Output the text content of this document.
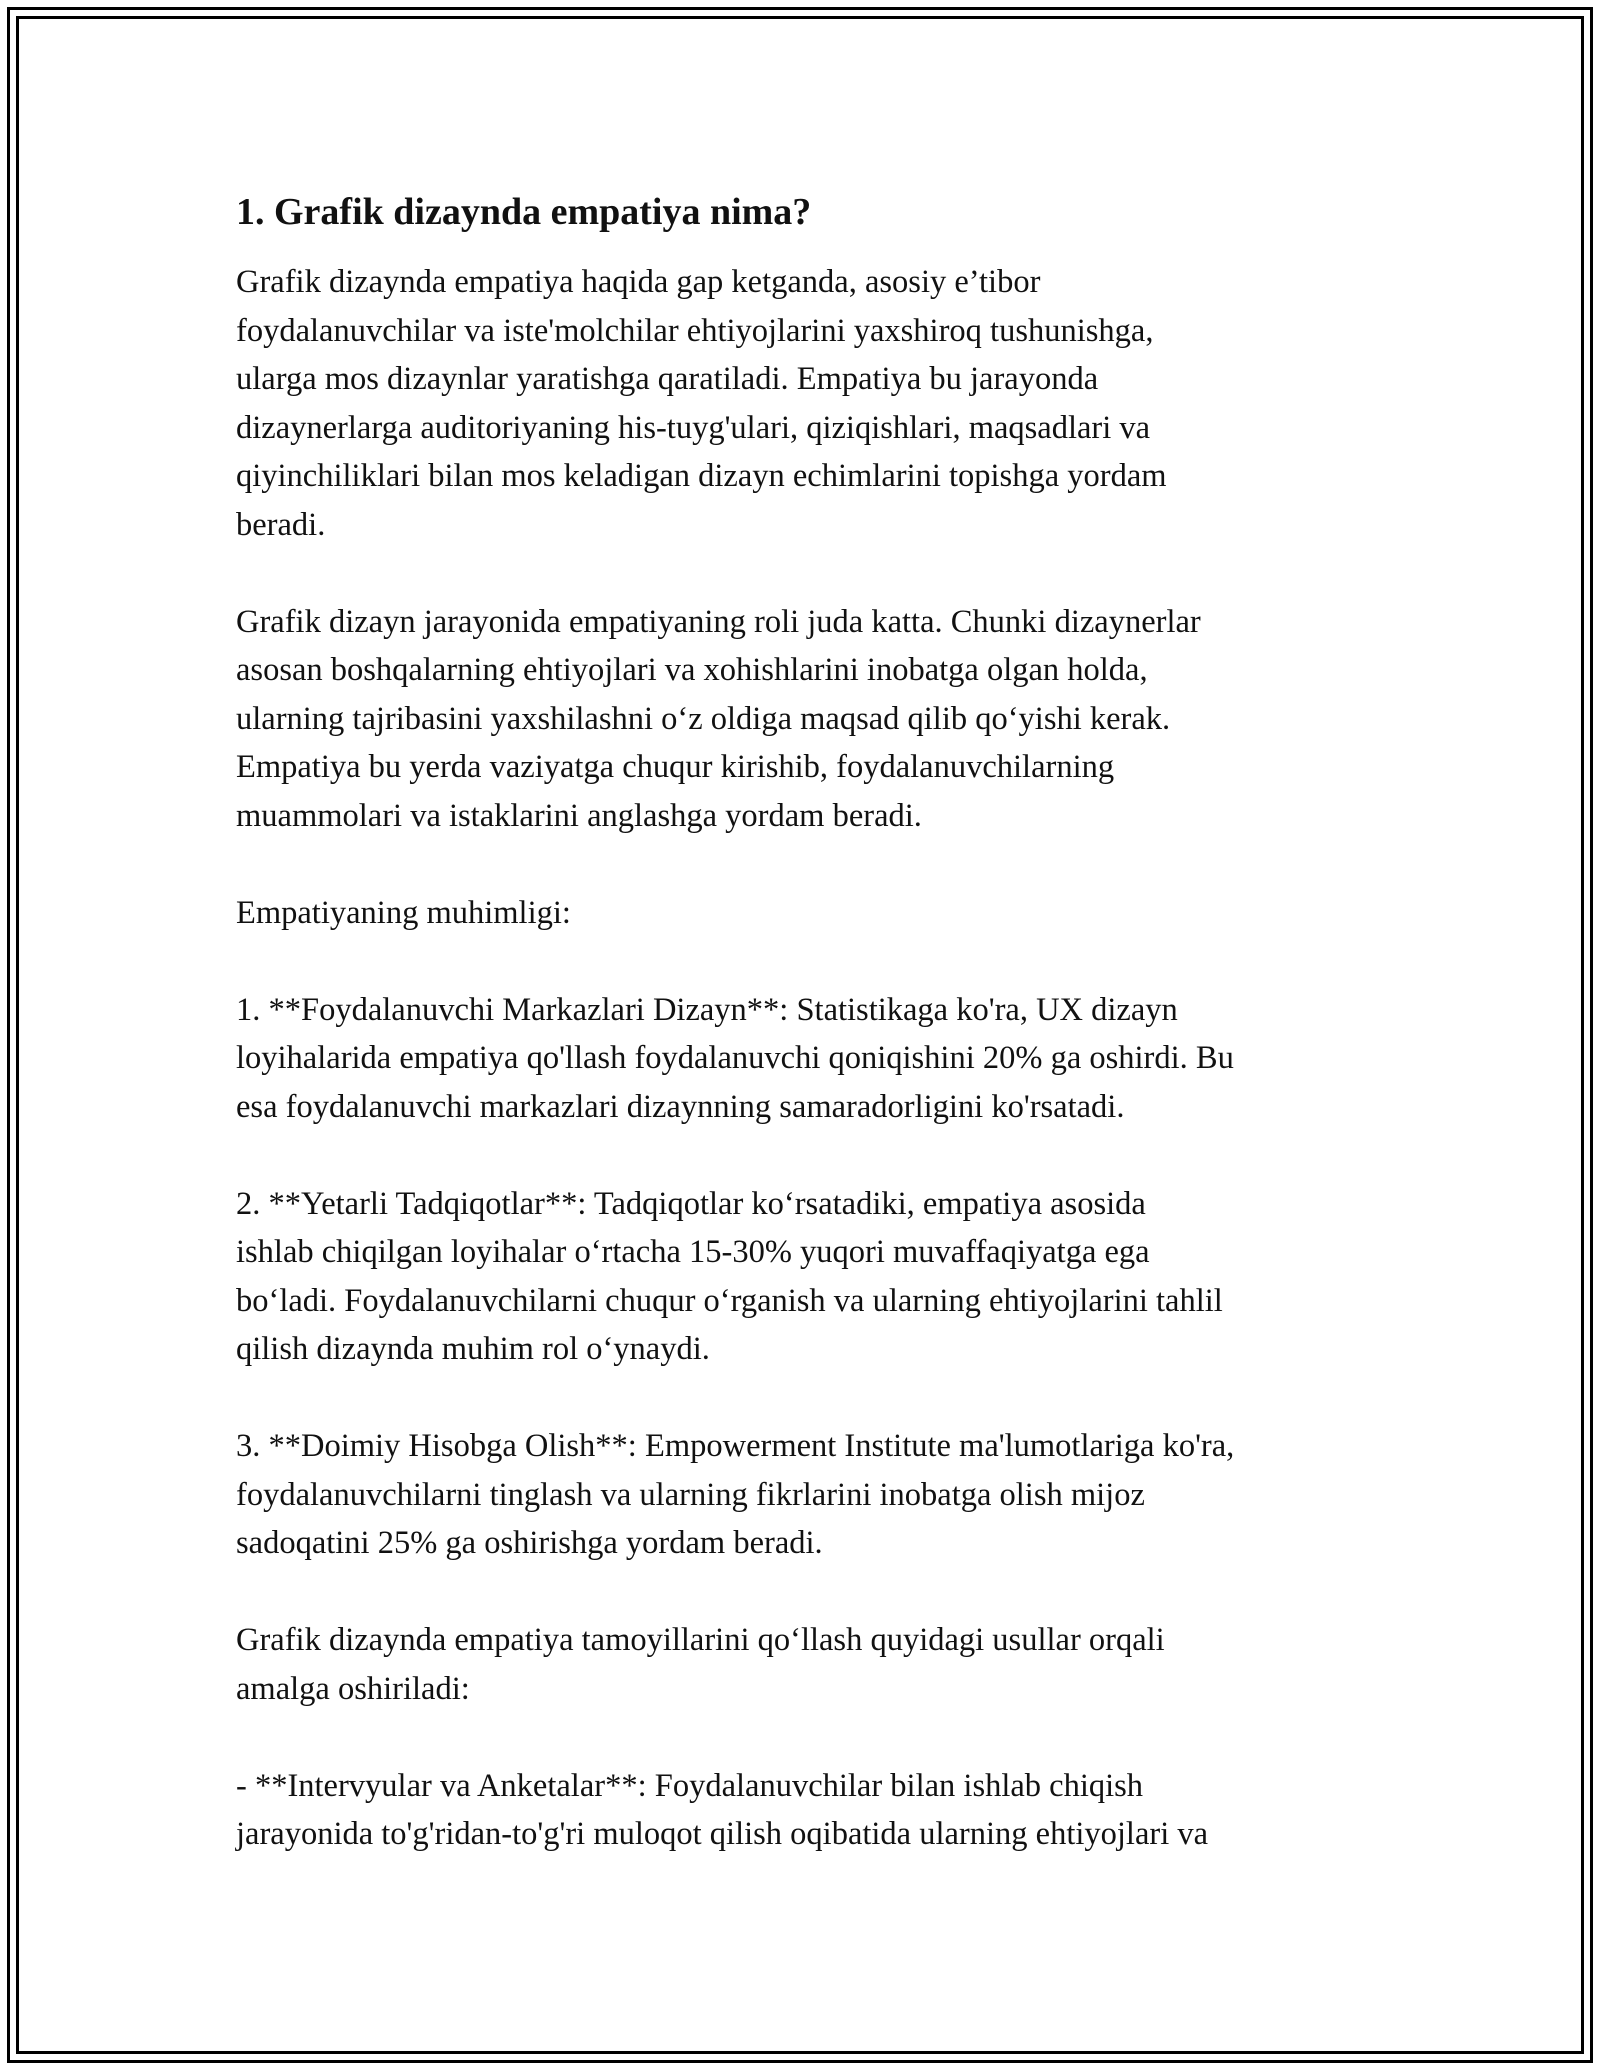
1. Grafik dizaynda empatiya nima?
Grafik dizaynda empatiya haqida gap ketganda, asosiy e’tibor
foydalanuvchilar va iste'molchilar ehtiyojlarini yaxshiroq tushunishga,
ularga mos dizaynlar yaratishga qaratiladi. Empatiya bu jarayonda
dizaynerlarga auditoriyaning his-tuyg'ulari, qiziqishlari, maqsadlari va
qiyinchiliklari bilan mos keladigan dizayn echimlarini topishga yordam
beradi.
Grafik dizayn jarayonida empatiyaning roli juda katta. Chunki dizaynerlar
asosan boshqalarning ehtiyojlari va xohishlarini inobatga olgan holda,
ularning tajribasini yaxshilashni o‘z oldiga maqsad qilib qo‘yishi kerak.
Empatiya bu yerda vaziyatga chuqur kirishib, foydalanuvchilarning
muammolari va istaklarini anglashga yordam beradi.
Empatiyaning muhimligi:
1. **Foydalanuvchi Markazlari Dizayn**: Statistikaga ko'ra, UX dizayn
loyihalarida empatiya qo'llash foydalanuvchi qoniqishini 20% ga oshirdi. Bu
esa foydalanuvchi markazlari dizaynning samaradorligini ko'rsatadi.
2. **Yetarli Tadqiqotlar**: Tadqiqotlar ko‘rsatadiki, empatiya asosida
ishlab chiqilgan loyihalar o‘rtacha 15-30% yuqori muvaffaqiyatga ega
bo‘ladi. Foydalanuvchilarni chuqur o‘rganish va ularning ehtiyojlarini tahlil
qilish dizaynda muhim rol o‘ynaydi.
3. **Doimiy Hisobga Olish**: Empowerment Institute ma'lumotlariga ko'ra,
foydalanuvchilarni tinglash va ularning fikrlarini inobatga olish mijoz
sadoqatini 25% ga oshirishga yordam beradi.
Grafik dizaynda empatiya tamoyillarini qo‘llash quyidagi usullar orqali
amalga oshiriladi:
- **Intervyular va Anketalar**: Foydalanuvchilar bilan ishlab chiqish
jarayonida to'g'ridan-to'g'ri muloqot qilish oqibatida ularning ehtiyojlari va
